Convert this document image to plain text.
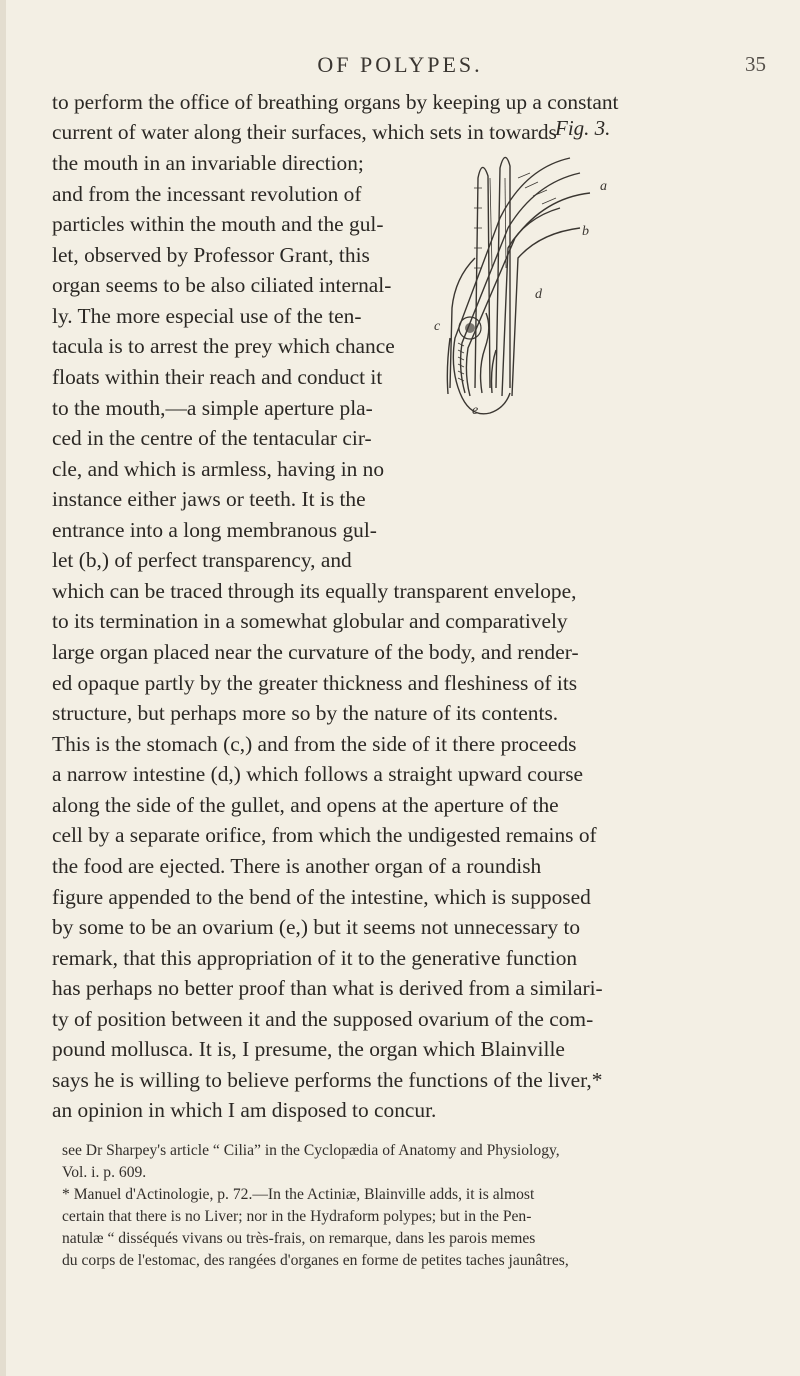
OF POLYPES.	35
to perform the office of breathing organs by keeping up a constant
current of water along their surfaces, which sets in towards
the mouth in an invariable direction;
and from the incessant revolution of
particles within the mouth and the gul-
let, observed by Professor Grant, this
organ seems to be also ciliated internal-
ly. The more especial use of the ten-
tacula is to arrest the prey which chance
floats within their reach and conduct it
to the mouth,—a simple aperture pla-
ced in the centre of the tentacular cir-
cle, and which is armless, having in no
instance either jaws or teeth. It is the
entrance into a long membranous gul-
let (b,) of perfect transparency, and
which can be traced through its equally transparent envelope,
to its termination in a somewhat globular and comparatively
large organ placed near the curvature of the body, and render-
ed opaque partly by the greater thickness and fleshiness of its
structure, but perhaps more so by the nature of its contents.
This is the stomach (c,) and from the side of it there proceeds
a narrow intestine (d,) which follows a straight upward course
along the side of the gullet, and opens at the aperture of the
cell by a separate orifice, from which the undigested remains of
the food are ejected. There is another organ of a roundish
figure appended to the bend of the intestine, which is supposed
by some to be an ovarium (e,) but it seems not unnecessary to
remark, that this appropriation of it to the generative function
has perhaps no better proof than what is derived from a similari-
ty of position between it and the supposed ovarium of the com-
pound mollusca. It is, I presume, the organ which Blainville
says he is willing to believe performs the functions of the liver,*
an opinion in which I am disposed to concur.
Fig. 3.
a
b
c
d
e
see Dr Sharpey's article “ Cilia” in the Cyclopædia of Anatomy and Physiology,
Vol. i. p. 609.
* Manuel d'Actinologie, p. 72.—In the Actiniæ, Blainville adds, it is almost
certain that there is no Liver; nor in the Hydraform polypes; but in the Pen-
natulæ “ disséqués vivans ou très-frais, on remarque, dans les parois memes
du corps de l'estomac, des rangées d'organes en forme de petites taches jaunâtres,
